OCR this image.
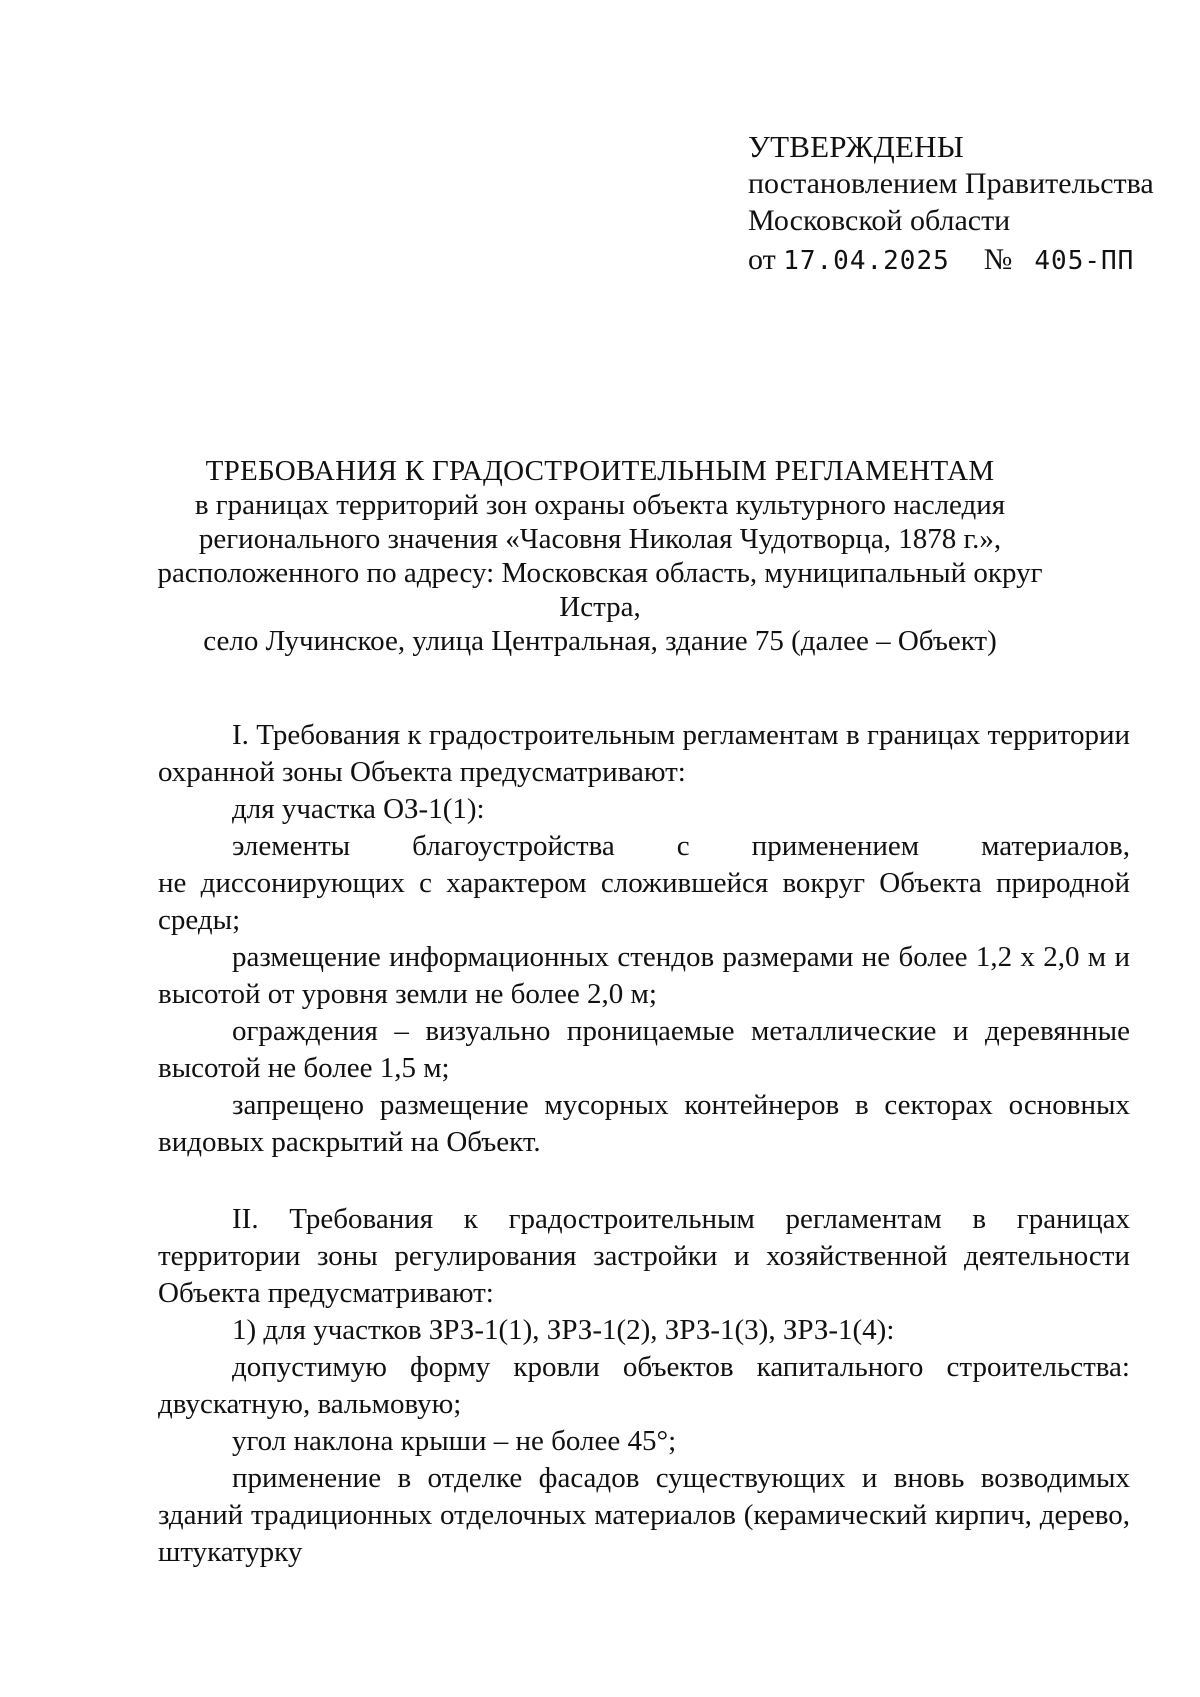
УТВЕРЖДЕНЫ
постановлением Правительства
Московской области
от 17.04.2025 № 405-ПП
ТРЕБОВАНИЯ К ГРАДОСТРОИТЕЛЬНЫМ РЕГЛАМЕНТАМ
в границах территорий зон охраны объекта культурного наследия
регионального значения «Часовня Николая Чудотворца, 1878 г.»,
расположенного по адресу: Московская область, муниципальный округ Истра,
село Лучинское, улица Центральная, здание 75 (далее – Объект)

I. Требования к градостроительным регламентам в границах территории охранной зоны Объекта предусматривают:

для участка ОЗ-1(1):

элементы благоустройства с применением материалов,

не диссонирующих с характером сложившейся вокруг Объекта природной среды;

размещение информационных стендов размерами не более 1,2 х 2,0 м и высотой от уровня земли не более 2,0 м;

ограждения – визуально проницаемые металлические и деревянные высотой не более 1,5 м;

запрещено размещение мусорных контейнеров в секторах основных видовых раскрытий на Объект.

II. Требования к градостроительным регламентам в границах территории зоны регулирования застройки и хозяйственной деятельности Объекта предусматривают:

1) для участков ЗРЗ-1(1), ЗРЗ-1(2), ЗРЗ-1(3), ЗРЗ-1(4):

допустимую форму кровли объектов капитального строительства: двускатную, вальмовую;

угол наклона крыши – не более 45°;

применение в отделке фасадов существующих и вновь возводимых зданий традиционных отделочных материалов (керамический кирпич, дерево, штукатурку
